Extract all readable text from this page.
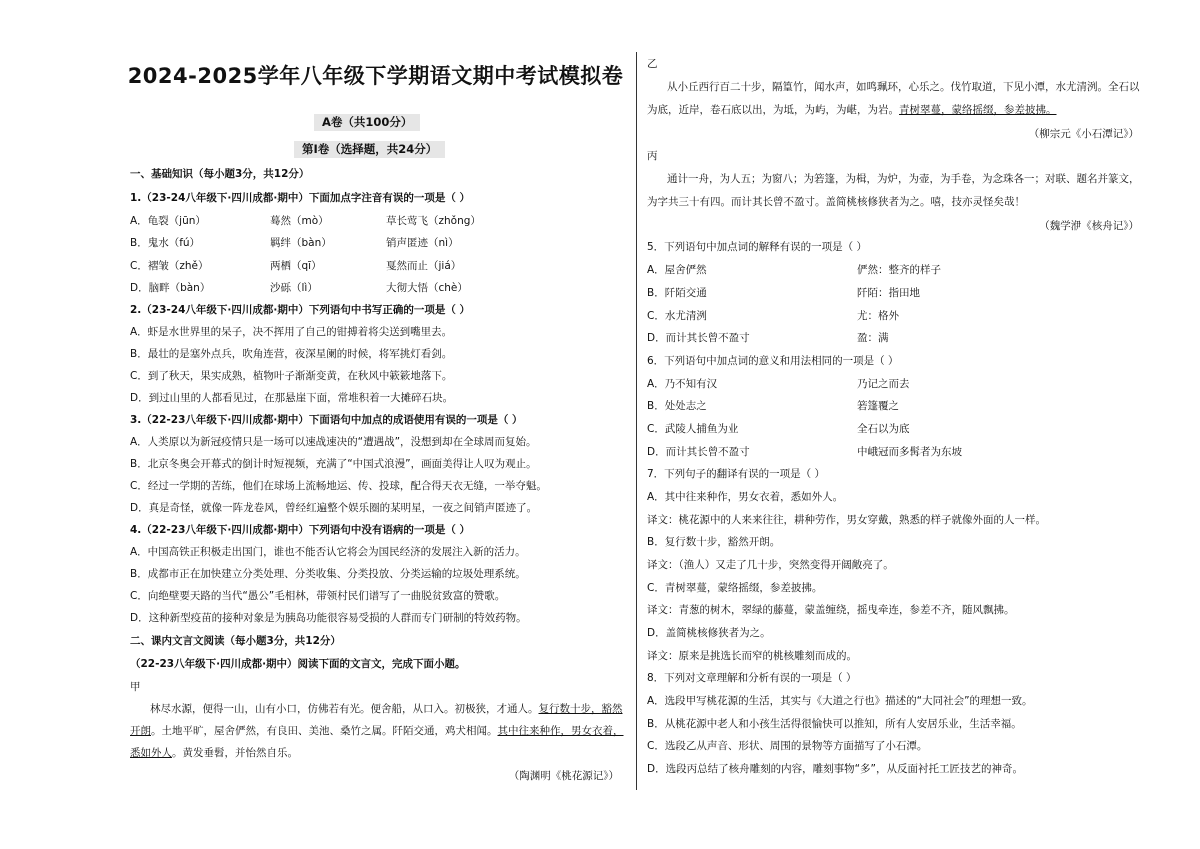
2024-2025学年八年级下学期语文期中考试模拟卷
A卷（共100分）
第Ⅰ卷（选择题，共24分）
一、基础知识（每小题3分，共12分）
1.（23-24八年级下·四川成都·期中）下面加点字注音有误的一项是（ ）
A．龟裂（jūn）	蓦然（mò）	草长莺飞（zhǒng）
B．鬼水（fú）	羁绊（bàn）	销声匿迹（nì）
C．褶皱（zhě）	两栖（qī）	戛然而止（jiá）
D．脑畔（bàn）	沙砾（lì）	大彻大悟（chè）
2.（23-24八年级下·四川成都·期中）下列语句中书写正确的一项是（ ）
A．虾是水世界里的呆子，决不挥用了自己的钳搏着将尖送到嘴里去。
B．最壮的是塞外点兵，吹角连营，夜深星阑的时候，将军挑灯看剑。
C．到了秋天，果实成熟，植物叶子渐渐变黄，在秋风中簌簌地落下。
D．到过山里的人都看见过，在那悬崖下面，常堆积着一大摊碎石块。
3.（22-23八年级下·四川成都·期中）下面语句中加点的成语使用有误的一项是（ ）
A．人类原以为新冠疫情只是一场可以速战速决的“遭遇战”，没想到却在全球周而复始。
B．北京冬奥会开幕式的倒计时短视频，充满了“中国式浪漫”，画面美得让人叹为观止。
C．经过一学期的苦练，他们在球场上流畅地运、传、投球，配合得天衣无缝，一举夺魁。
D．真是奇怪，就像一阵龙卷风，曾经红遍整个娱乐圈的某明星，一夜之间销声匿迹了。
4.（22-23八年级下·四川成都·期中）下列语句中没有语病的一项是（ ）
A．中国高铁正积极走出国门，谁也不能否认它将会为国民经济的发展注入新的活力。
B．成都市正在加快建立分类处理、分类收集、分类投放、分类运输的垃圾处理系统。
C．向绝壁要天路的当代“愚公”毛相林，带领村民们谱写了一曲脱贫致富的赞歌。
D．这种新型疫苗的接种对象是为胰岛功能很容易受损的人群而专门研制的特效药物。
二、课内文言文阅读（每小题3分，共12分）
（22-23八年级下·四川成都·期中）阅读下面的文言文，完成下面小题。
甲
林尽水源，便得一山，山有小口，仿佛若有光。便舍船，从口入。初极狭，才通人。复行数十步，豁然
开朗。土地平旷，屋舍俨然，有良田、美池、桑竹之属。阡陌交通，鸡犬相闻。其中往来种作，男女衣着，
悉如外人。黄发垂髫，并怡然自乐。
（陶渊明《桃花源记》）
乙
从小丘西行百二十步，隔篁竹，闻水声，如鸣珮环，心乐之。伐竹取道，下见小潭，水尤清洌。全石以
为底，近岸，卷石底以出，为坻，为屿，为嵁，为岩。青树翠蔓，蒙络摇缀，参差披拂。
（柳宗元《小石潭记》）
丙
通计一舟，为人五；为窗八；为箬篷，为楫，为炉，为壶，为手卷，为念珠各一；对联、题名并篆文，
为字共三十有四。而计其长曾不盈寸。盖简桃核修狭者为之。嘻，技亦灵怪矣哉！
（魏学洢《核舟记》）
5．下列语句中加点词的解释有误的一项是（ ）
A．屋舍俨然	俨然：整齐的样子
B．阡陌交通	阡陌：指田地
C．水尤清洌	尤：格外
D．而计其长曾不盈寸	盈：满
6．下列语句中加点词的意义和用法相同的一项是（ ）
A．乃不知有汉	乃记之而去
B．处处志之	箬篷覆之
C．武陵人捕鱼为业	全石以为底
D．而计其长曾不盈寸	中峨冠而多髯者为东坡
7．下列句子的翻译有误的一项是（ ）
A．其中往来种作，男女衣着，悉如外人。
译文：桃花源中的人来来往往，耕种劳作，男女穿戴，熟悉的样子就像外面的人一样。
B．复行数十步，豁然开朗。
译文：（渔人）又走了几十步，突然变得开阔敞亮了。
C．青树翠蔓，蒙络摇缀，参差披拂。
译文：青葱的树木，翠绿的藤蔓，蒙盖缠绕，摇曳牵连，参差不齐，随风飘拂。
D．盖简桃核修狭者为之。
译文：原来是挑选长而窄的桃核雕刻而成的。
8．下列对文章理解和分析有误的一项是（ ）
A．选段甲写桃花源的生活，其实与《大道之行也》描述的“大同社会”的理想一致。
B．从桃花源中老人和小孩生活得很愉快可以推知，所有人安居乐业，生活幸福。
C．选段乙从声音、形状、周围的景物等方面描写了小石潭。
D．选段丙总结了核舟雕刻的内容，雕刻事物“多”，从反面衬托工匠技艺的神奇。
